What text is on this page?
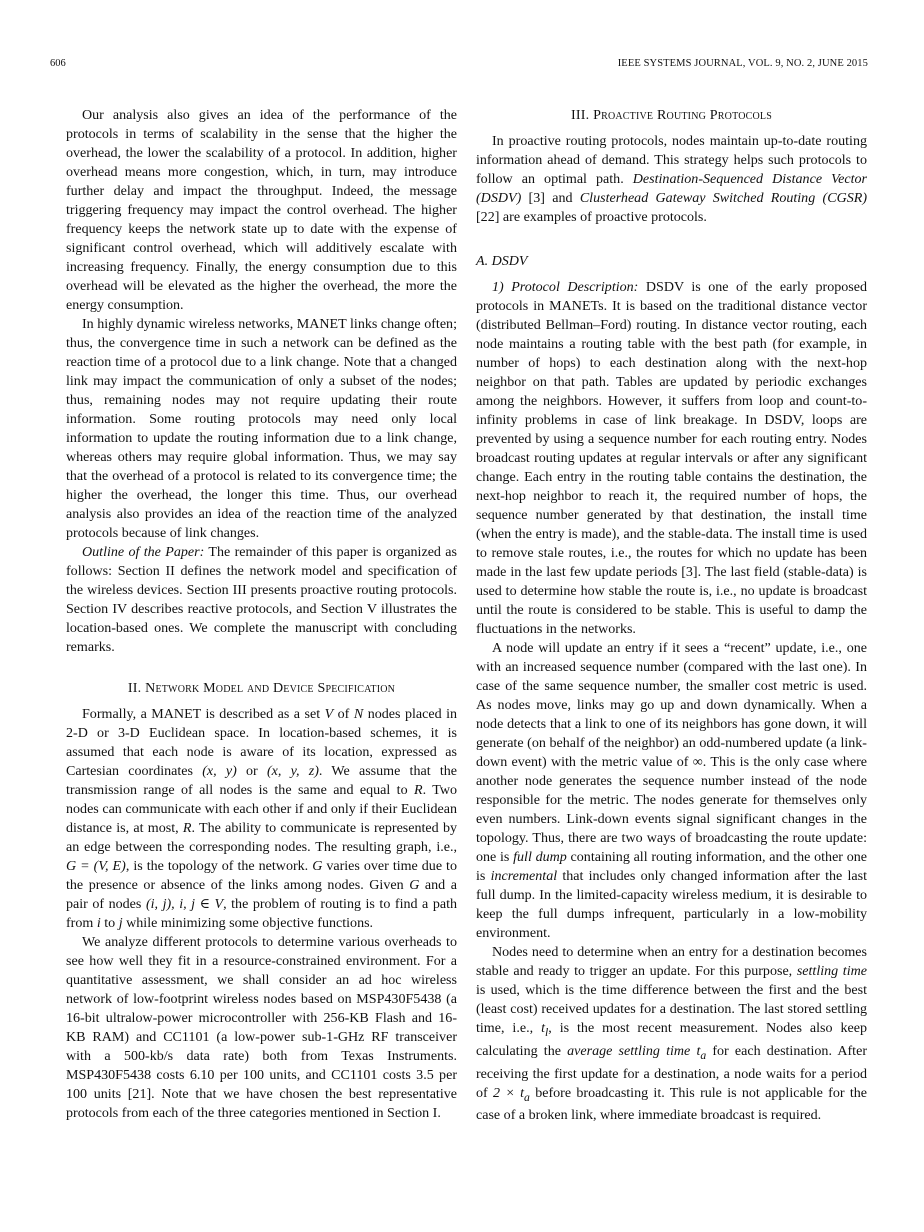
606	IEEE SYSTEMS JOURNAL, VOL. 9, NO. 2, JUNE 2015

Our analysis also gives an idea of the performance of the protocols in terms of scalability in the sense that the higher the overhead, the lower the scalability of a protocol. In addition, higher overhead means more congestion, which, in turn, may introduce further delay and impact the throughput. Indeed, the message triggering frequency may impact the control overhead. The higher frequency keeps the network state up to date with the expense of significant control overhead, which will additively escalate with increasing frequency. Finally, the energy consumption due to this overhead will be elevated as the higher the overhead, the more the energy consumption.

In highly dynamic wireless networks, MANET links change often; thus, the convergence time in such a network can be defined as the reaction time of a protocol due to a link change. Note that a changed link may impact the communication of only a subset of the nodes; thus, remaining nodes may not require updating their route information. Some routing protocols may need only local information to update the routing information due to a link change, whereas others may require global information. Thus, we may say that the overhead of a protocol is related to its convergence time; the higher the overhead, the longer this time. Thus, our overhead analysis also provides an idea of the reaction time of the analyzed protocols because of link changes.

Outline of the Paper: The remainder of this paper is organized as follows: Section II defines the network model and specification of the wireless devices. Section III presents proactive routing protocols. Section IV describes reactive protocols, and Section V illustrates the location-based ones. We complete the manuscript with concluding remarks.

II. Network Model and Device Specification

Formally, a MANET is described as a set V of N nodes placed in 2-D or 3-D Euclidean space. In location-based schemes, it is assumed that each node is aware of its location, expressed as Cartesian coordinates (x, y) or (x, y, z). We assume that the transmission range of all nodes is the same and equal to R. Two nodes can communicate with each other if and only if their Euclidean distance is, at most, R. The ability to communicate is represented by an edge between the corresponding nodes. The resulting graph, i.e., G = (V, E), is the topology of the network. G varies over time due to the presence or absence of the links among nodes. Given G and a pair of nodes (i, j), i, j ∈ V, the problem of routing is to find a path from i to j while minimizing some objective functions.

We analyze different protocols to determine various overheads to see how well they fit in a resource-constrained environment. For a quantitative assessment, we shall consider an ad hoc wireless network of low-footprint wireless nodes based on MSP430F5438 (a 16-bit ultralow-power microcontroller with 256-KB Flash and 16-KB RAM) and CC1101 (a low-power sub-1-GHz RF transceiver with a 500-kb/s data rate) both from Texas Instruments. MSP430F5438 costs 6.10 per 100 units, and CC1101 costs 3.5 per 100 units [21]. Note that we have chosen the best representative protocols from each of the three categories mentioned in Section I.

III. Proactive Routing Protocols

In proactive routing protocols, nodes maintain up-to-date routing information ahead of demand. This strategy helps such protocols to follow an optimal path. Destination-Sequenced Distance Vector (DSDV) [3] and Clusterhead Gateway Switched Routing (CGSR) [22] are examples of proactive protocols.

A. DSDV

1) Protocol Description: DSDV is one of the early proposed protocols in MANETs. It is based on the traditional distance vector (distributed Bellman–Ford) routing. In distance vector routing, each node maintains a routing table with the best path (for example, in number of hops) to each destination along with the next-hop neighbor on that path. Tables are updated by periodic exchanges among the neighbors. However, it suffers from loop and count-to-infinity problems in case of link breakage. In DSDV, loops are prevented by using a sequence number for each routing entry. Nodes broadcast routing updates at regular intervals or after any significant change. Each entry in the routing table contains the destination, the next-hop neighbor to reach it, the required number of hops, the sequence number generated by that destination, the install time (when the entry is made), and the stable-data. The install time is used to remove stale routes, i.e., the routes for which no update has been made in the last few update periods [3]. The last field (stable-data) is used to determine how stable the route is, i.e., no update is broadcast until the route is considered to be stable. This is useful to damp the fluctuations in the networks.

A node will update an entry if it sees a “recent” update, i.e., one with an increased sequence number (compared with the last one). In case of the same sequence number, the smaller cost metric is used. As nodes move, links may go up and down dynamically. When a node detects that a link to one of its neighbors has gone down, it will generate (on behalf of the neighbor) an odd-numbered update (a link-down event) with the metric value of ∞. This is the only case where another node generates the sequence number instead of the node responsible for the metric. The nodes generate for themselves only even numbers. Link-down events signal significant changes in the topology. Thus, there are two ways of broadcasting the route update: one is full dump containing all routing information, and the other one is incremental that includes only changed information after the last full dump. In the limited-capacity wireless medium, it is desirable to keep the full dumps infrequent, particularly in a low-mobility environment.

Nodes need to determine when an entry for a destination becomes stable and ready to trigger an update. For this purpose, settling time is used, which is the time difference between the first and the best (least cost) received updates for a destination. The last stored settling time, i.e., $t_l$, is the most recent measurement. Nodes also keep calculating the average settling time $t_a$ for each destination. After receiving the first update for a destination, a node waits for a period of $2 \times t_a$ before broadcasting it. This rule is not applicable for the case of a broken link, where immediate broadcast is required.
